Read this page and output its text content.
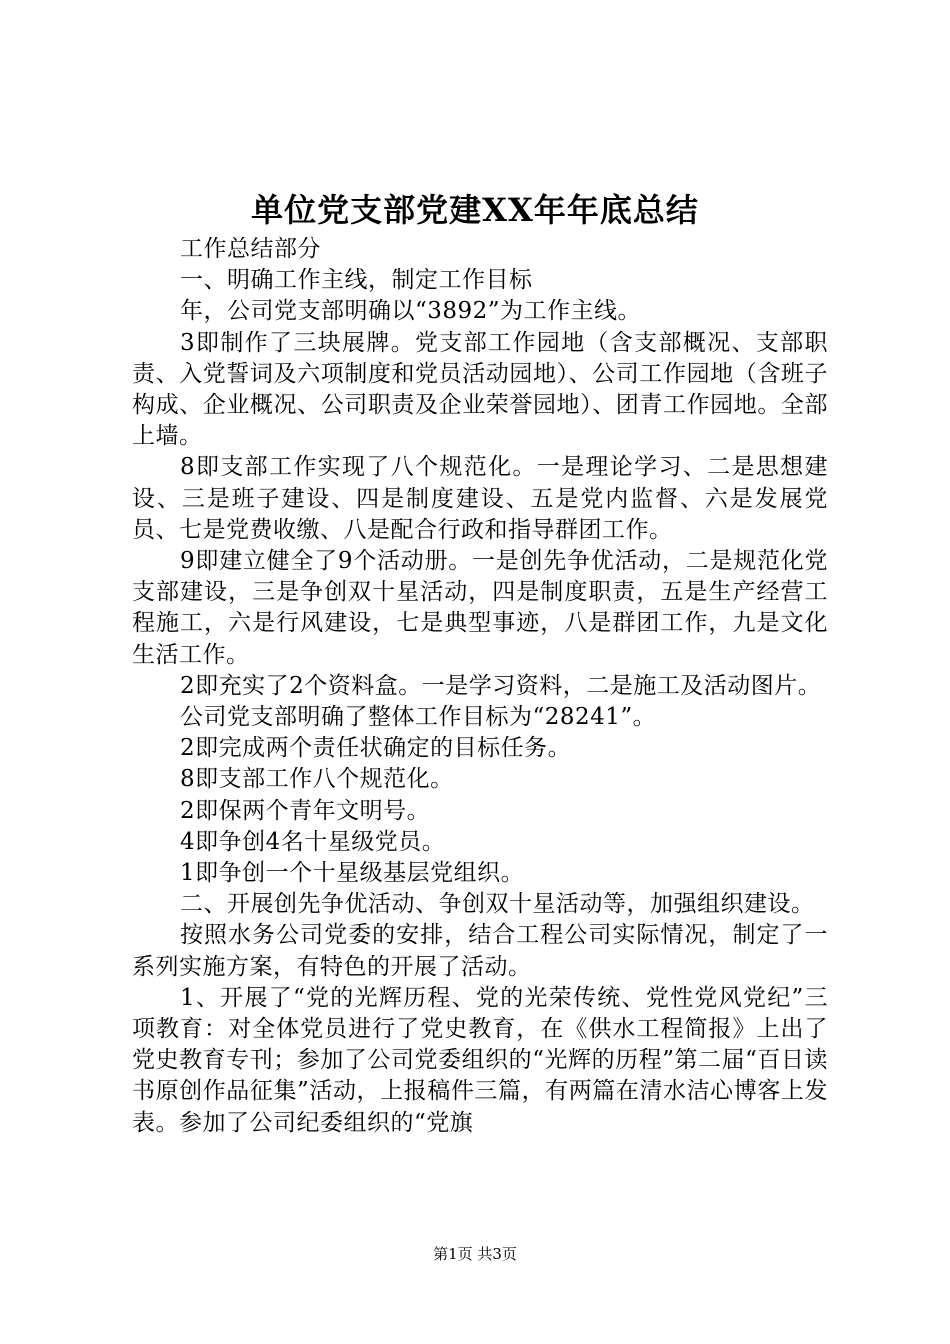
单位党支部党建XX年年底总结

工作总结部分

一、明确工作主线，制定工作目标

年，公司党支部明确以“3892”为工作主线。

3即制作了三块展牌。党支部工作园地（含支部概况、支部职责、入党誓词及六项制度和党员活动园地）、公司工作园地（含班子构成、企业概况、公司职责及企业荣誉园地）、团青工作园地。全部上墙。

8即支部工作实现了八个规范化。一是理论学习、二是思想建设、三是班子建设、四是制度建设、五是党内监督、六是发展党员、七是党费收缴、八是配合行政和指导群团工作。

9即建立健全了9个活动册。一是创先争优活动，二是规范化党支部建设，三是争创双十星活动，四是制度职责，五是生产经营工程施工，六是行风建设，七是典型事迹，八是群团工作，九是文化生活工作。

2即充实了2个资料盒。一是学习资料，二是施工及活动图片。

公司党支部明确了整体工作目标为“28241”。

2即完成两个责任状确定的目标任务。

8即支部工作八个规范化。

2即保两个青年文明号。

4即争创4名十星级党员。

1即争创一个十星级基层党组织。

二、开展创先争优活动、争创双十星活动等，加强组织建设。

按照水务公司党委的安排，结合工程公司实际情况，制定了一系列实施方案，有特色的开展了活动。

1、开展了“党的光辉历程、党的光荣传统、党性党风党纪”三项教育：对全体党员进行了党史教育，在《供水工程简报》上出了党史教育专刊；参加了公司党委组织的“光辉的历程”第二届“百日读书原创作品征集”活动，上报稿件三篇，有两篇在清水洁心博客上发表。参加了公司纪委组织的“党旗

第1页 共3页
